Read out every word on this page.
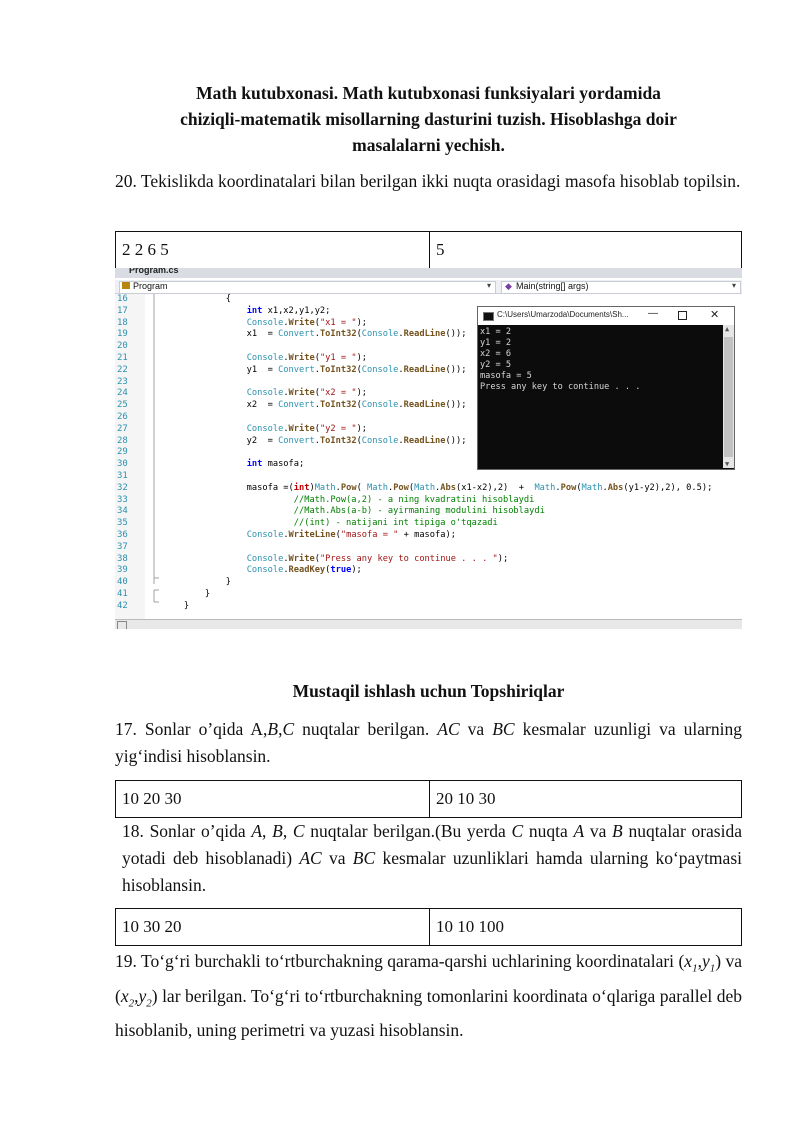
Math kutubxonasi. Math kutubxonasi funksiyalari yordamida
chiziqli-matematik misollarning dasturini tuzish. Hisoblashga doir
masalalarni yechish.
20. Tekislikda koordinatalari bilan berilgan ikki nuqta orasidagi masofa hisoblab topilsin.
2 2 6 5	5
Program.cs
Program	▾ ◆ Main(string[] args)	▾
16
17
18
19
20
21
22
23
24
25
26
27
28
29
30
31
32
33
34
35
36
37
38
39
40
41
42
{
int x1,x2,y1,y2;
Console.Write("x1 = ");
x1  = Convert.ToInt32(Console.ReadLine());

Console.Write("y1 = ");
y1  = Convert.ToInt32(Console.ReadLine());

Console.Write("x2 = ");
x2  = Convert.ToInt32(Console.ReadLine());

Console.Write("y2 = ");
y2  = Convert.ToInt32(Console.ReadLine());

int masofa;

masofa =(int)Math.Pow( Math.Pow(Math.Abs(x1-x2),2)  +  Math.Pow(Math.Abs(y1-y2),2), 0.5);
//Math.Pow(a,2) - a ning kvadratini hisoblaydi
//Math.Abs(a-b) - ayirmaning modulini hisoblaydi
//(int) - natijani int tipiga o'tqazadi
Console.WriteLine("masofa = " + masofa);

Console.Write("Press any key to continue . . . ");
Console.ReadKey(true);
}
}
}
C:\Users\Umarzoda\Documents\Sh... —	✕
x1 = 2
y1 = 2
x2 = 6
y2 = 5
masofa = 5
Press any key to continue . . .
▲
▼
Mustaqil ishlash uchun Topshiriqlar
17. Sonlar o’qida A,B,C nuqtalar berilgan. AC va BC kesmalar uzunligi va ularning yig‘indisi hisoblansin.
10 20 30	20 10 30
18. Sonlar o’qida A, B, C nuqtalar berilgan.(Bu yerda C nuqta A va B nuqtalar orasida yotadi deb hisoblanadi) AC va BC kesmalar uzunliklari hamda ularning ko‘paytmasi hisoblansin.
10 30 20	10 10 100
19. To‘g‘ri burchakli to‘rtburchakning qarama-qarshi uchlarining koordinatalari $(x_1,y_1)$ va $(x_2,y_2)$ lar berilgan. To‘g‘ri to‘rtburchakning tomonlarini koordinata o‘qlariga parallel deb hisoblanib, uning perimetri va yuzasi hisoblansin.
